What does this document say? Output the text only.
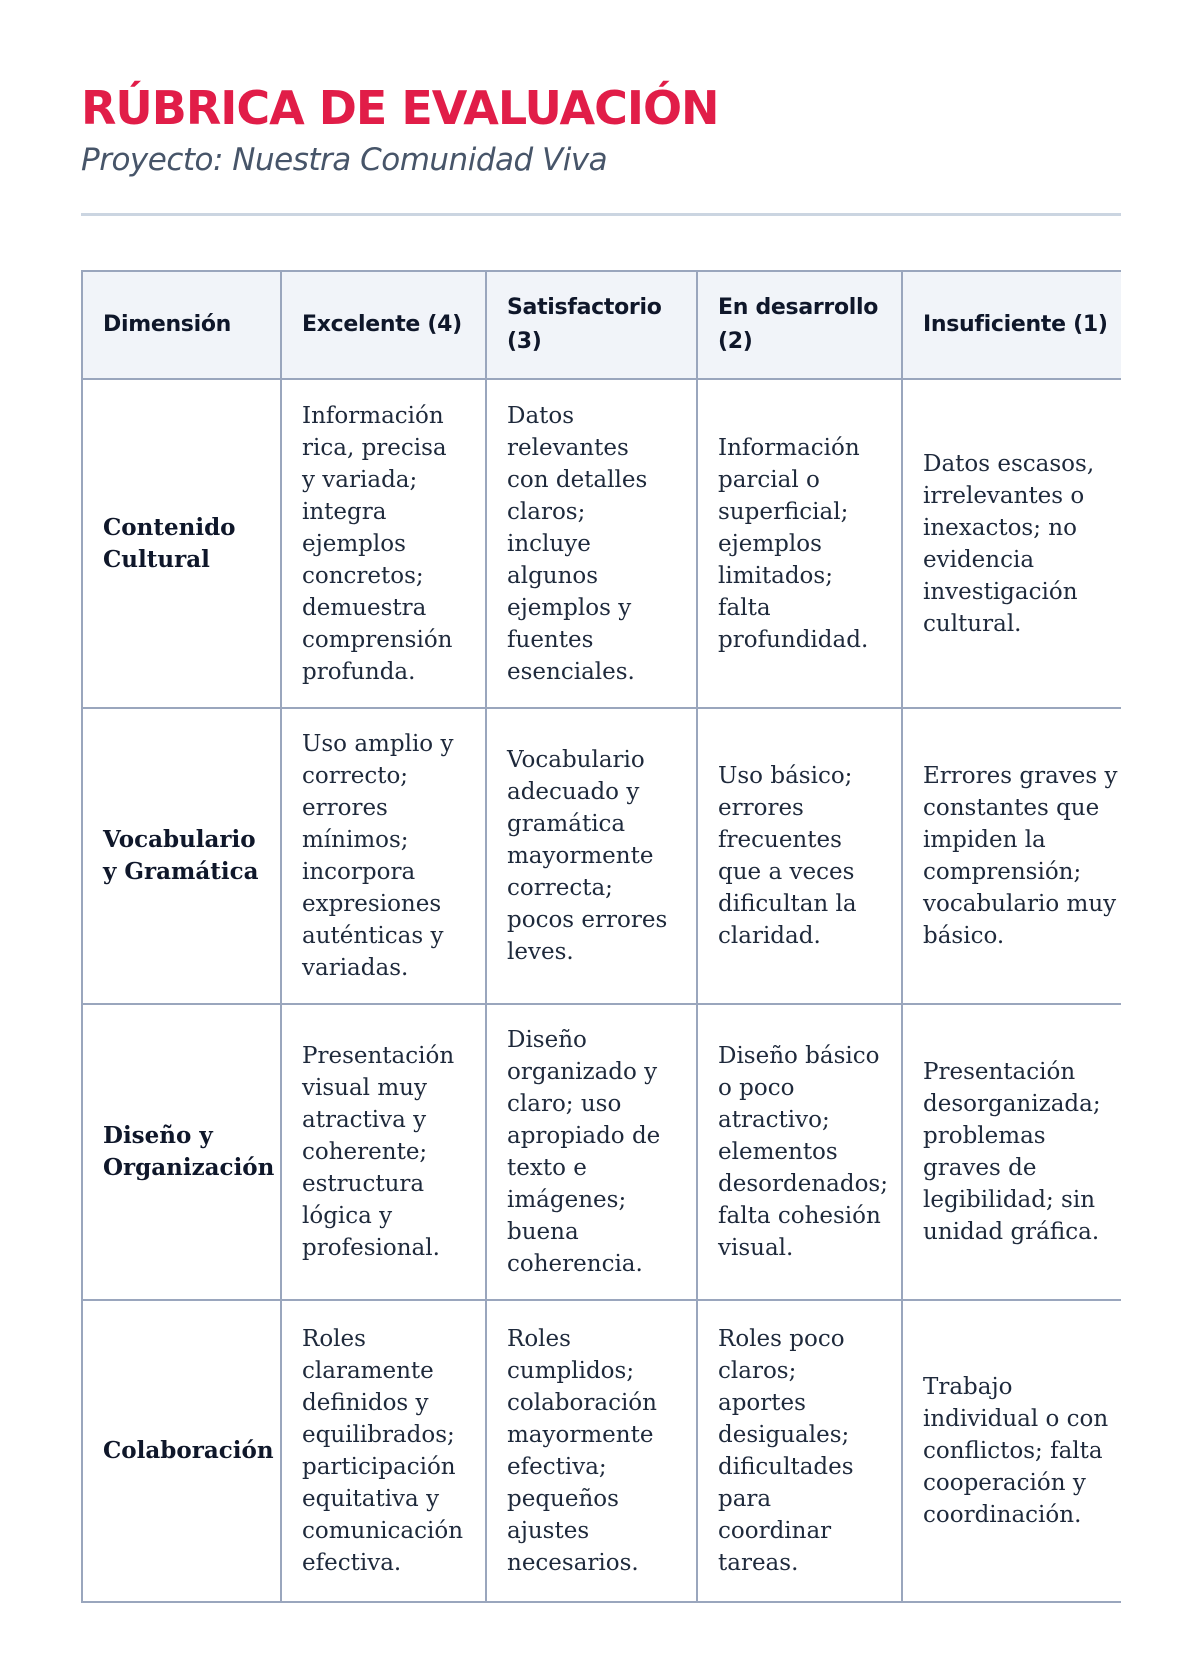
RÚBRICA DE EVALUACIÓN

Proyecto: Nuestra Comunidad Viva

Dimensión	Excelente (4)	Satisfactorio (3)	En desarrollo (2)	Insuficiente (1)
Contenido Cultural	Información rica, precisa y variada; integra ejemplos concretos; demuestra comprensión profunda.	Datos relevantes con detalles claros; incluye algunos ejemplos y fuentes esenciales.	Información parcial o superficial; ejemplos limitados; falta profundidad.	Datos escasos, irrelevantes o inexactos; no evidencia investigación cultural.
Vocabulario y Gramática	Uso amplio y correcto; errores mínimos; incorpora expresiones auténticas y variadas.	Vocabulario adecuado y gramática mayormente correcta; pocos errores leves.	Uso básico; errores frecuentes que a veces dificultan la claridad.	Errores graves y constantes que impiden la comprensión; vocabulario muy básico.
Diseño y Organización	Presentación visual muy atractiva y coherente; estructura lógica y profesional.	Diseño organizado y claro; uso apropiado de texto e imágenes; buena coherencia.	Diseño básico o poco atractivo; elementos desordenados; falta cohesión visual.	Presentación desorganizada; problemas graves de legibilidad; sin unidad gráfica.
Colaboración	Roles claramente definidos y equilibrados; participación equitativa y comunicación efectiva.	Roles cumplidos; colaboración mayormente efectiva; pequeños ajustes necesarios.	Roles poco claros; aportes desiguales; dificultades para coordinar tareas.	Trabajo individual o con conflictos; falta cooperación y coordinación.
